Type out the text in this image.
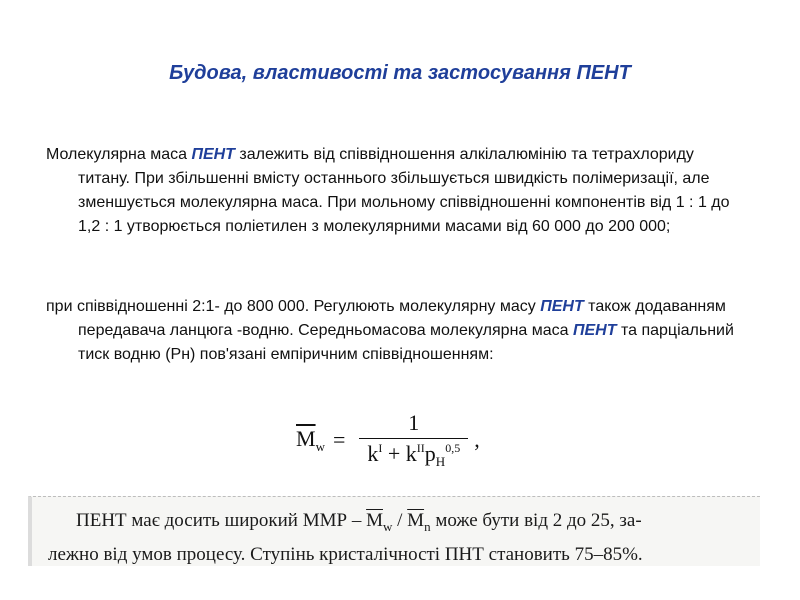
Будова, властивості та застосування ПЕНТ

Молекулярна маса ПЕНТ залежить від співвідношення алкілалюмінію та тетрахлориду титану. При збільшенні вмісту останнього збільшується швидкість полімеризації, але зменшується молекулярна маса. При мольному співвідношенні компонентів від 1 : 1 до 1,2 : 1 утворюється поліетилен з молекулярними масами від 60 000 до 200 000;

при співвідношенні 2:1- до 800 000. Регулюють молекулярну масу ПЕНТ також додаванням передавача ланцюга -водню. Середньомасова молекулярна маса ПЕНТ та парціальний тиск водню (Рн) пов'язані емпіричним співвідношенням:

$\overline{M}_w = \frac{1}{k^I + k^{II}p_H^{0,5}}$ ,

ПЕНТ має досить широкий ММР – $\overline{M}_w / \overline{M}_n$ може бути від 2 до 25, за-

лежно від умов процесу. Ступінь кристалічності ПНТ становить 75–85%.
